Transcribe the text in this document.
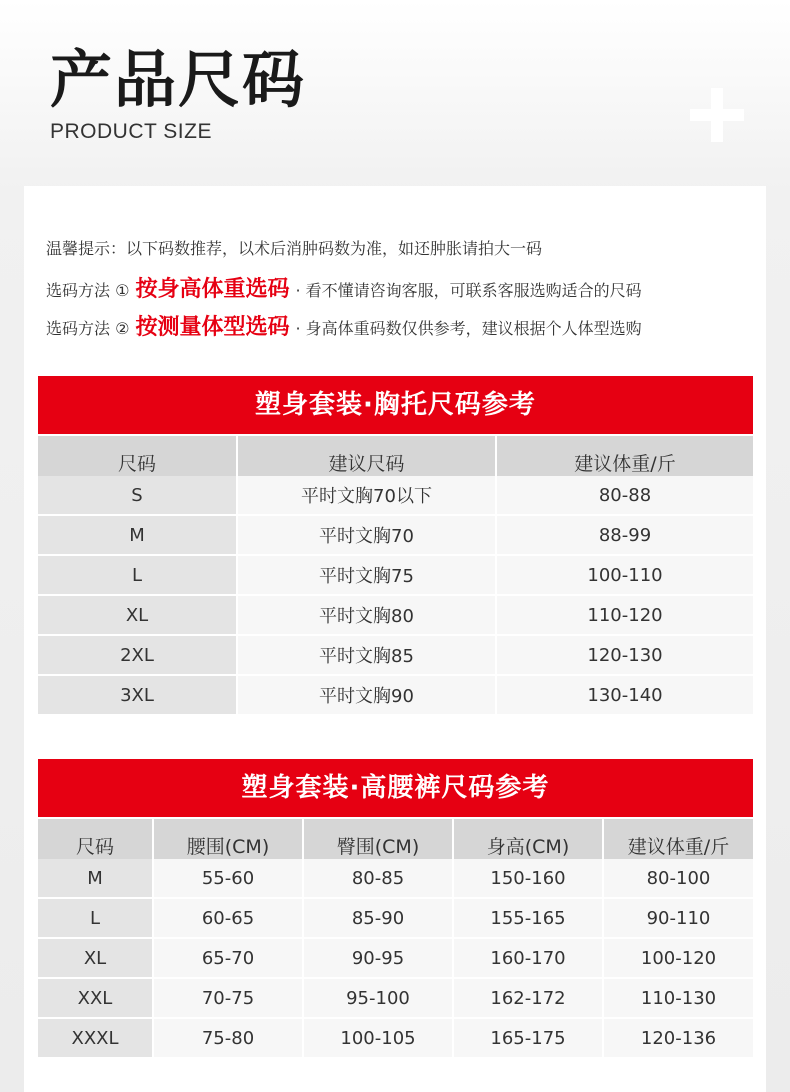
产品尺码
PRODUCT SIZE
温馨提示：以下码数推荐，以术后消肿码数为准，如还肿胀请拍大一码
选码方法 ① 按身高体重选码 · 看不懂请咨询客服，可联系客服选购适合的尺码
选码方法 ② 按测量体型选码 · 身高体重码数仅供参考，建议根据个人体型选购
塑身套装·胸托尺码参考
尺码	建议尺码	建议体重/斤
S	平时文胸70以下	80-88
M	平时文胸70	88-99
L	平时文胸75	100-110
XL	平时文胸80	110-120
2XL	平时文胸85	120-130
3XL	平时文胸90	130-140
塑身套装·高腰裤尺码参考
尺码	腰围(CM)	臀围(CM)	身高(CM)	建议体重/斤
M	55-60	80-85	150-160	80-100
L	60-65	85-90	155-165	90-110
XL	65-70	90-95	160-170	100-120
XXL	70-75	95-100	162-172	110-130
XXXL	75-80	100-105	165-175	120-136
